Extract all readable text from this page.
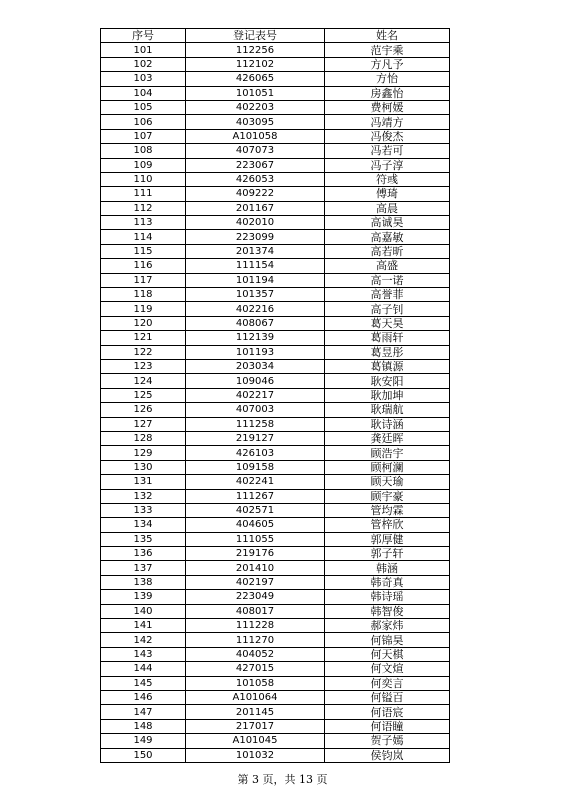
序号	登记表号	姓名
101	112256	范宇乘
102	112102	方凡予
103	426065	方怡
104	101051	房鑫怡
105	402203	费柯媛
106	403095	冯靖方
107	A101058	冯俊杰
108	407073	冯若可
109	223067	冯子淳
110	426053	符彧
111	409222	傅琦
112	201167	高晨
113	402010	高诚昊
114	223099	高嘉敏
115	201374	高若昕
116	111154	高盛
117	101194	高一诺
118	101357	高誉菲
119	402216	高子钊
120	408067	葛天昊
121	112139	葛雨轩
122	101193	葛昱彤
123	203034	葛镇源
124	109046	耿安阳
125	402217	耿加坤
126	407003	耿瑞航
127	111258	耿诗涵
128	219127	龚廷晖
129	426103	顾浩宇
130	109158	顾柯澜
131	402241	顾天瑜
132	111267	顾宇豪
133	402571	管均霖
134	404605	管梓欣
135	111055	郭厚健
136	219176	郭子轩
137	201410	韩涵
138	402197	韩奇真
139	223049	韩诗瑶
140	408017	韩智俊
141	111228	郝家炜
142	111270	何锦昊
143	404052	何天棋
144	427015	何文煊
145	101058	何奕言
146	A101064	何镒百
147	201145	何语宸
148	217017	何语瞳
149	A101045	贺子嫣
150	101032	侯钧岚
第 3 页，共 13 页
